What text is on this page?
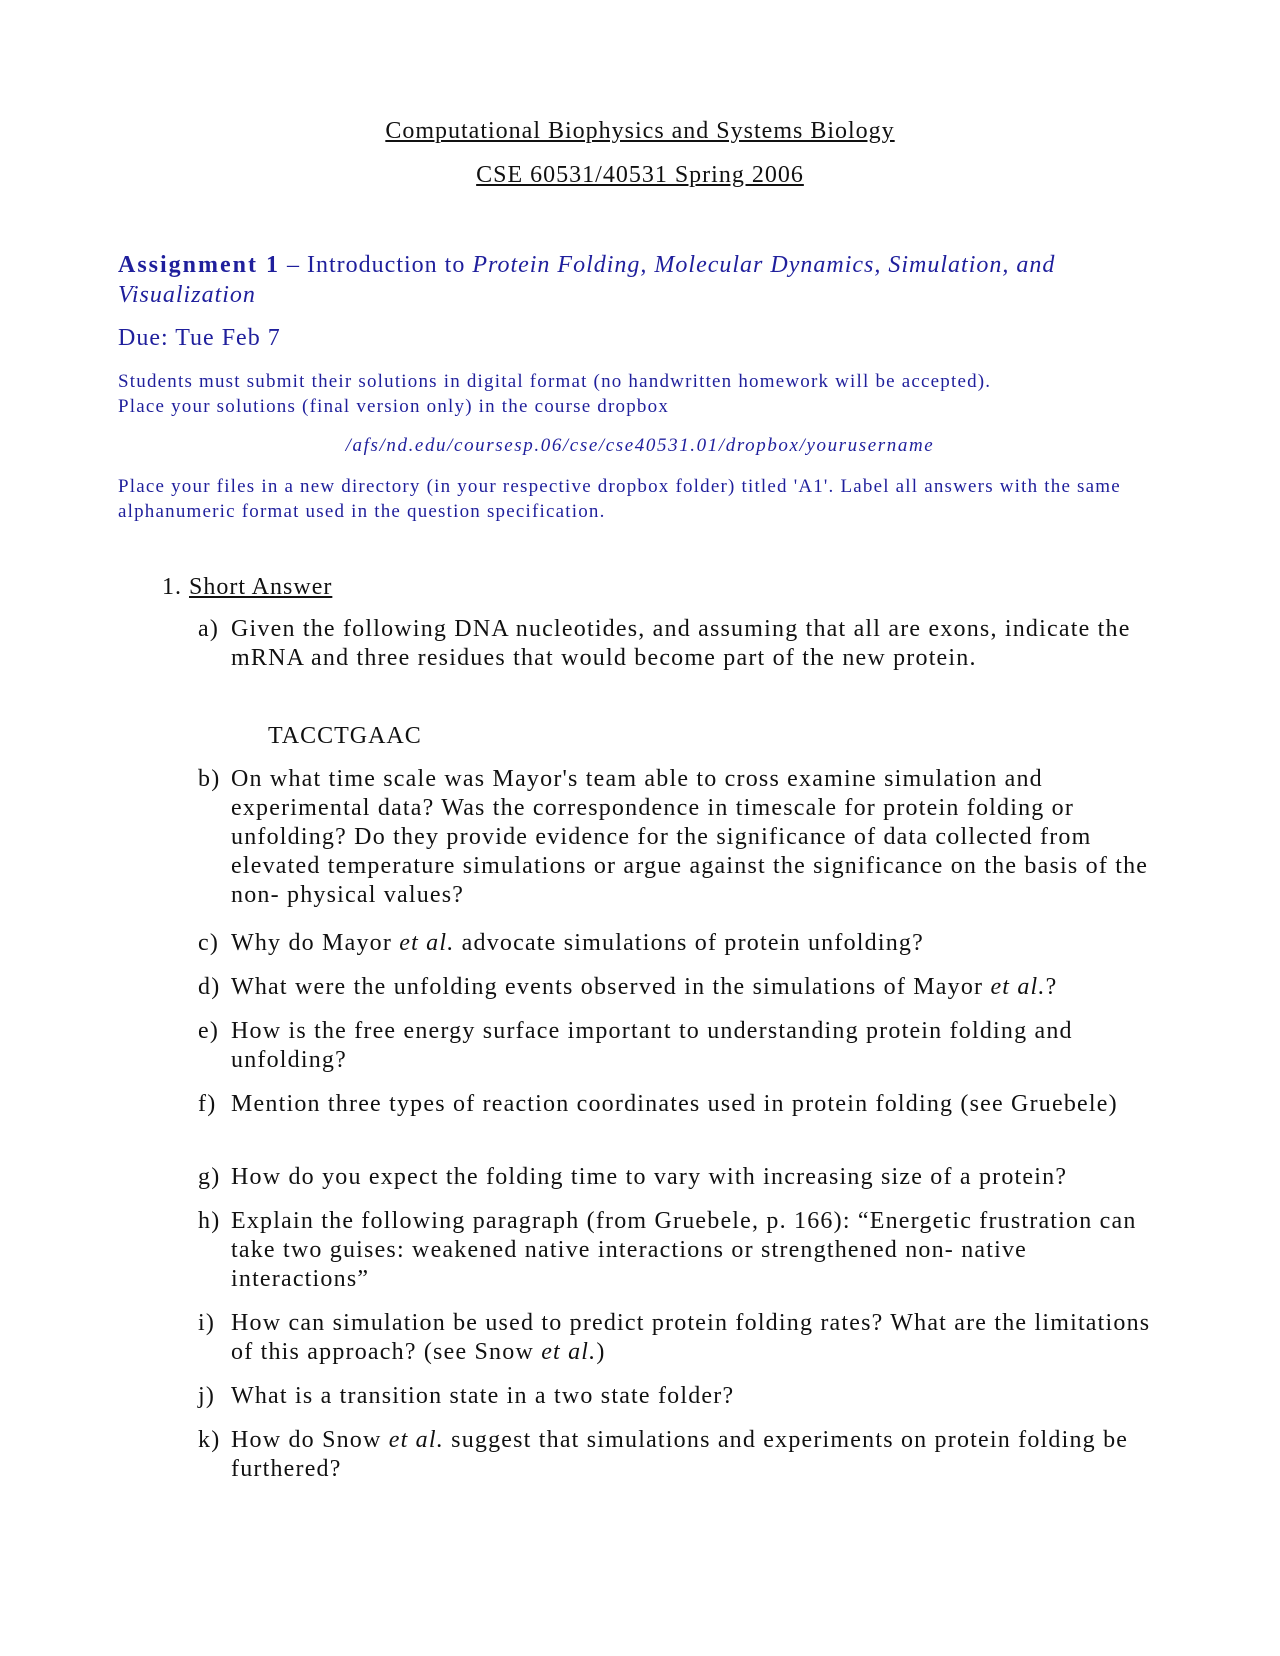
Computational Biophysics and Systems Biology
CSE 60531/40531 Spring 2006
Assignment 1 – Introduction to Protein Folding, Molecular Dynamics, Simulation, and Visualization
Due: Tue Feb 7
Students must submit their solutions in digital format (no handwritten homework will be accepted).
Place your solutions (final version only) in the course dropbox
/afs/nd.edu/coursesp.06/cse/cse40531.01/dropbox/yourusername
Place your files in a new directory (in your respective dropbox folder) titled 'A1'. Label all answers with the same alphanumeric format used in the question specification.
1. Short Answer
a) Given the following DNA nucleotides, and assuming that all are exons, indicate the mRNA and three residues that would become part of the new protein.
TACCTGAAC
b) On what time scale was Mayor's team able to cross examine simulation and experimental data? Was the correspondence in timescale for protein folding or unfolding? Do they provide evidence for the significance of data collected from elevated temperature simulations or argue against the significance on the basis of the non- physical values?
c) Why do Mayor et al. advocate simulations of protein unfolding?
d) What were the unfolding events observed in the simulations of Mayor et al.?
e) How is the free energy surface important to understanding protein folding and unfolding?
f) Mention three types of reaction coordinates used in protein folding (see Gruebele)
g) How do you expect the folding time to vary with increasing size of a protein?
h) Explain the following paragraph (from Gruebele, p. 166): “Energetic frustration can take two guises: weakened native interactions or strengthened non- native interactions”
i) How can simulation be used to predict protein folding rates? What are the limitations of this approach? (see Snow et al.)
j) What is a transition state in a two state folder?
k) How do Snow et al. suggest that simulations and experiments on protein folding be furthered?
